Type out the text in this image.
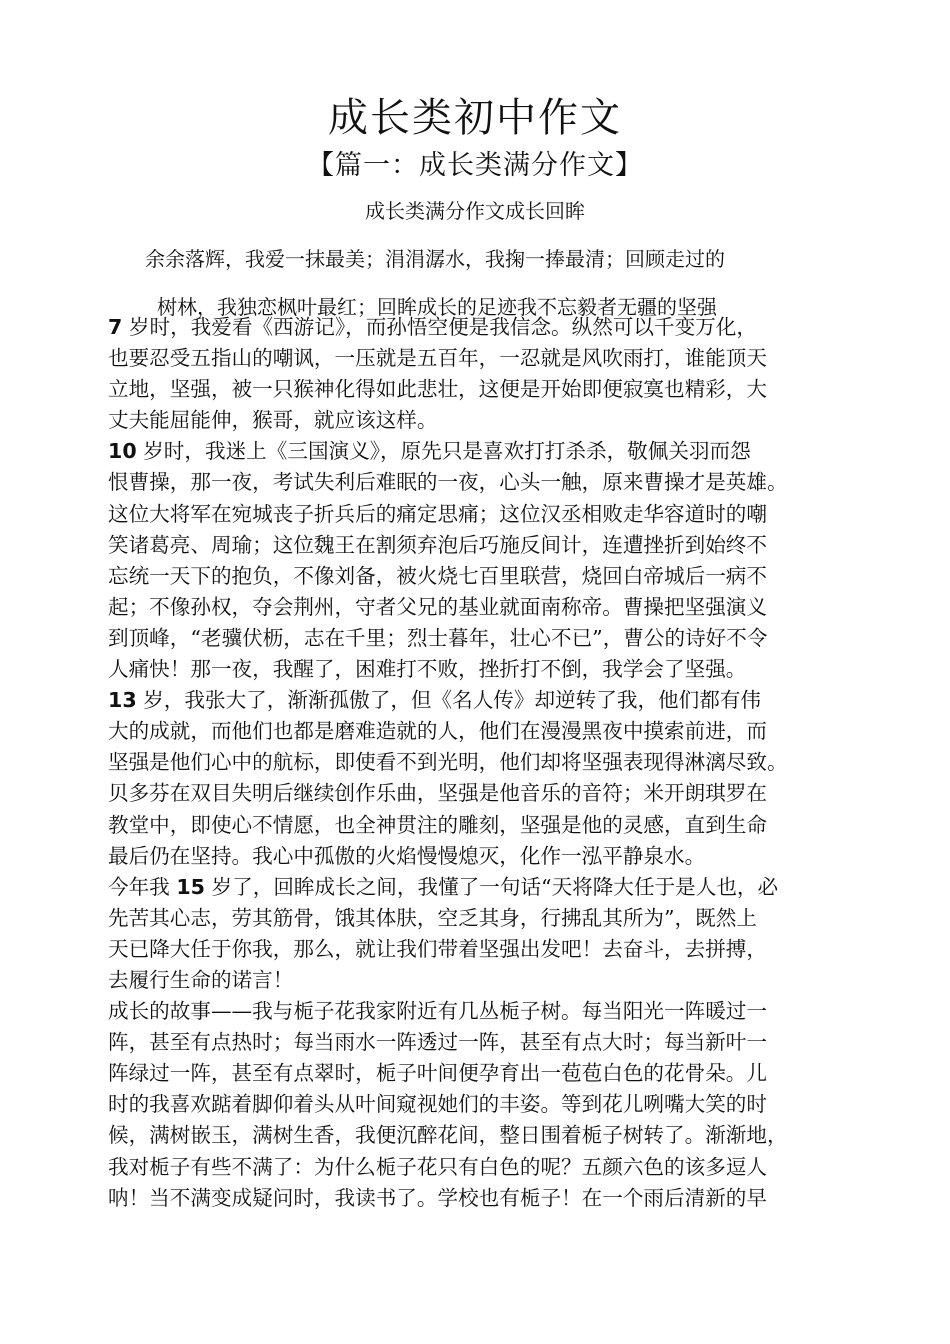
成长类初中作文
【篇一：成长类满分作文】
成长类满分作文成长回眸
余余落辉，我爱一抹最美；涓涓潺水，我掬一捧最清；回顾走过的
树林，我独恋枫叶最红；回眸成长的足迹我不忘毅者无疆的坚强
7 岁时，我爱看《西游记》，而孙悟空便是我信念。纵然可以千变万化，
也要忍受五指山的嘲讽，一压就是五百年，一忍就是风吹雨打，谁能顶天
立地，坚强，被一只猴神化得如此悲壮，这便是开始即便寂寞也精彩，大
丈夫能屈能伸，猴哥，就应该这样。
10 岁时，我迷上《三国演义》，原先只是喜欢打打杀杀，敬佩关羽而怨
恨曹操，那一夜，考试失利后难眠的一夜，心头一触，原来曹操才是英雄。
这位大将军在宛城丧子折兵后的痛定思痛；这位汉丞相败走华容道时的嘲
笑诸葛亮、周瑜；这位魏王在割须弃泡后巧施反间计，连遭挫折到始终不
忘统一天下的抱负，不像刘备，被火烧七百里联营，烧回白帝城后一病不
起；不像孙权，夺会荆州，守者父兄的基业就面南称帝。曹操把坚强演义
到顶峰，“老骥伏枥，志在千里；烈士暮年，壮心不已”，曹公的诗好不令
人痛快！那一夜，我醒了，困难打不败，挫折打不倒，我学会了坚强。
13 岁，我张大了，渐渐孤傲了，但《名人传》却逆转了我，他们都有伟
大的成就，而他们也都是磨难造就的人，他们在漫漫黑夜中摸索前进，而
坚强是他们心中的航标，即使看不到光明，他们却将坚强表现得淋漓尽致。
贝多芬在双目失明后继续创作乐曲，坚强是他音乐的音符；米开朗琪罗在
教堂中，即使心不情愿，也全神贯注的雕刻，坚强是他的灵感，直到生命
最后仍在坚持。我心中孤傲的火焰慢慢熄灭，化作一泓平静泉水。
今年我 15 岁了，回眸成长之间，我懂了一句话“天将降大任于是人也，必
先苦其心志，劳其筋骨，饿其体肤，空乏其身，行拂乱其所为”，既然上
天已降大任于你我，那么，就让我们带着坚强出发吧！去奋斗，去拼搏，
去履行生命的诺言！
成长的故事——我与栀子花我家附近有几丛栀子树。每当阳光一阵暖过一
阵，甚至有点热时；每当雨水一阵透过一阵，甚至有点大时；每当新叶一
阵绿过一阵，甚至有点翠时，栀子叶间便孕育出一苞苞白色的花骨朵。儿
时的我喜欢踮着脚仰着头从叶间窥视她们的丰姿。等到花儿咧嘴大笑的时
候，满树嵌玉，满树生香，我便沉醉花间，整日围着栀子树转了。渐渐地，
我对栀子有些不满了：为什么栀子花只有白色的呢？五颜六色的该多逗人
呐！当不满变成疑问时，我读书了。学校也有栀子！在一个雨后清新的早
